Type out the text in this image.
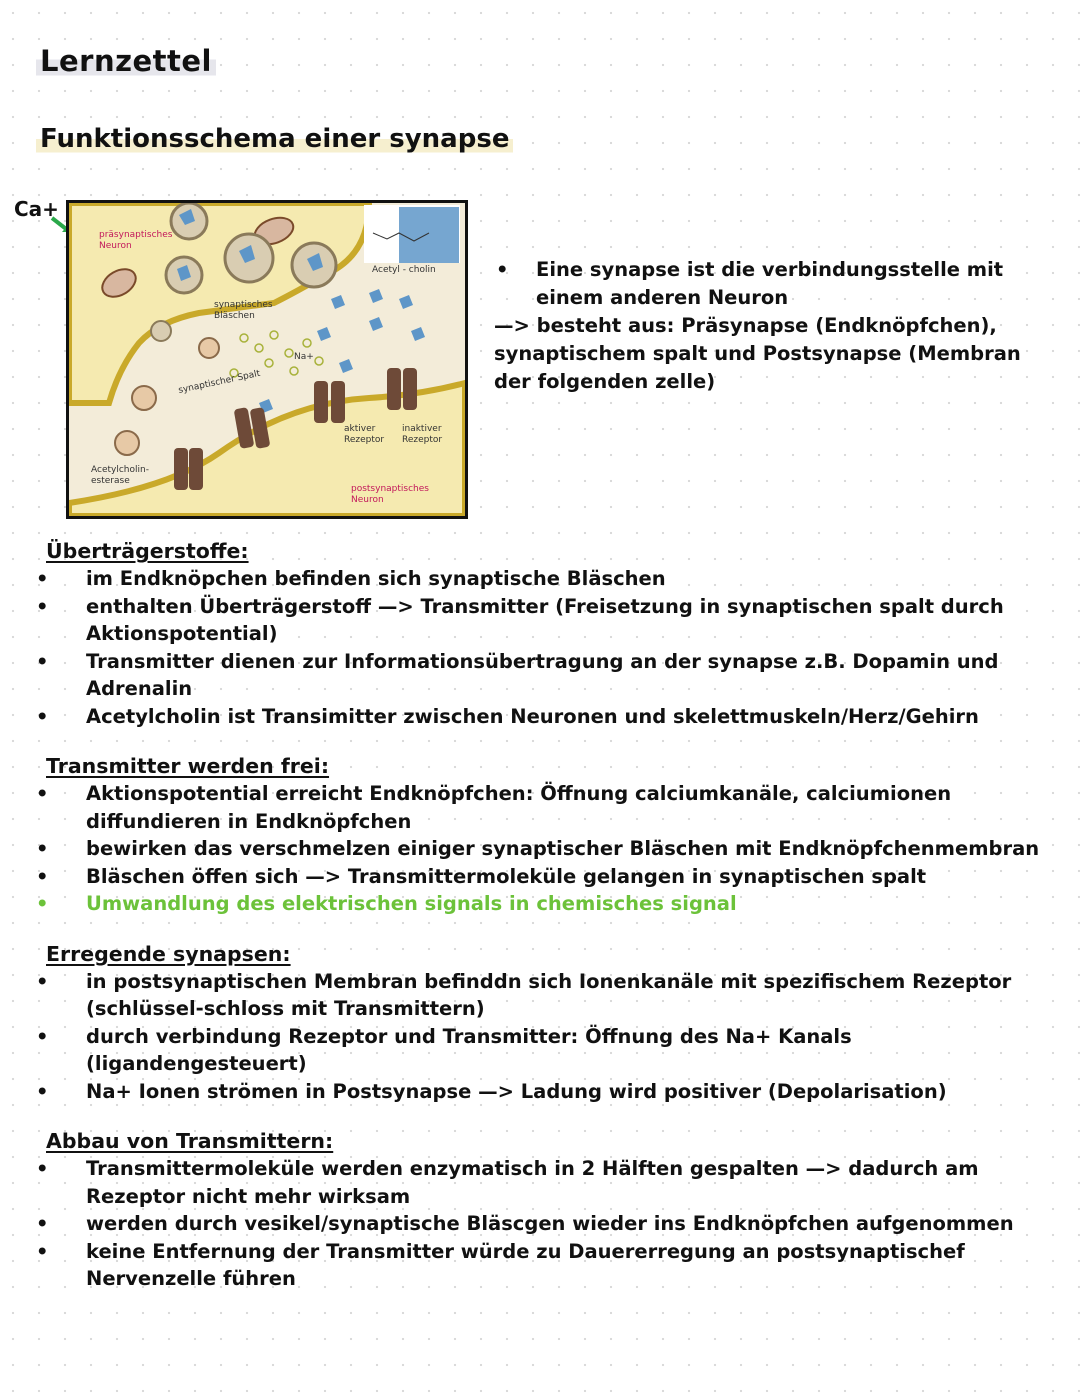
Lernzettel
Funktionsschema einer synapse
Ca+
Acetyl - cholin
präsynaptisches
Neuron
synaptisches
Bläschen
Na+
synaptischer Spalt
aktiver
Rezeptor
inaktiver
Rezeptor
Acetylcholin-
esterase
postsynaptisches
Neuron
•	Eine synapse ist die verbindungsstelle mit einem anderen Neuron
—> besteht aus: Präsynapse (Endknöpfchen), synaptischem spalt und Postsynapse (Membran der folgenden zelle)
Überträgerstoffe:
• im Endknöpchen befinden sich synaptische Bläschen
• enthalten Überträgerstoff —> Transmitter (Freisetzung in synaptischen spalt durch Aktionspotential)
• Transmitter dienen zur Informationsübertragung an der synapse z.B. Dopamin und Adrenalin
• Acetylcholin ist Transimitter zwischen Neuronen und skelettmuskeln/Herz/Gehirn
Transmitter werden frei:
• Aktionspotential erreicht Endknöpfchen: Öffnung calciumkanäle, calciumionen diffundieren in Endknöpfchen
• bewirken das verschmelzen einiger synaptischer Bläschen mit Endknöpfchenmembran
• Bläschen öffen sich —> Transmittermoleküle gelangen in synaptischen spalt
• Umwandlung des elektrischen signals in chemisches signal
Erregende synapsen:
• in postsynaptischen Membran befinddn sich Ionenkanäle mit spezifischem Rezeptor (schlüssel-schloss mit Transmittern)
• durch verbindung Rezeptor und Transmitter: Öffnung des Na+ Kanals (ligandengesteuert)
• Na+ Ionen strömen in Postsynapse —> Ladung wird positiver (Depolarisation)
Abbau von Transmittern:
• Transmittermoleküle werden enzymatisch in 2 Hälften gespalten —> dadurch am Rezeptor nicht mehr wirksam
• werden durch vesikel/synaptische Bläscgen wieder ins Endknöpfchen aufgenommen
• keine Entfernung der Transmitter würde zu Dauererregung an postsynaptischef Nervenzelle führen
